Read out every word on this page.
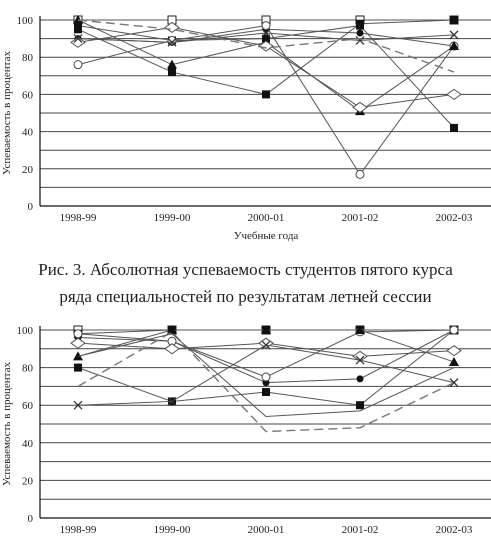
0
20
40
60
80
100
1998-99	1999-00	2000-01	2001-02	2002-03
Успеваемость в процентах
Учебные года
Рис. 3. Абсолютная успеваемость студентов пятого курса
ряда специальностей по результатам летней сессии
0
20
40
60
80
100
1998-99	1999-00	2000-01	2001-02	2002-03
Успеваемость в процентах
